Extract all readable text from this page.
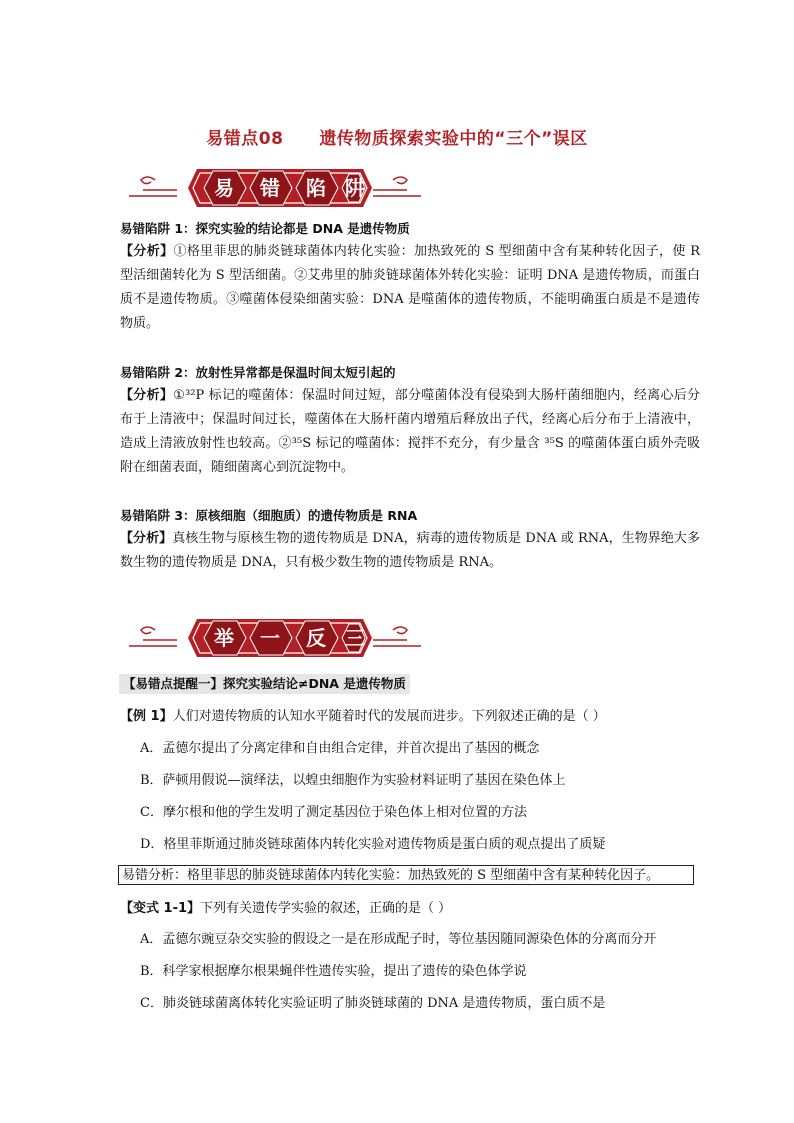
易错点08 遗传物质探索实验中的“三个”误区
易	错	陷 阱
易错陷阱 1：探究实验的结论都是 DNA 是遗传物质

【分析】①格里菲思的肺炎链球菌体内转化实验：加热致死的 S 型细菌中含有某种转化因子，使 R 型活细菌转化为 S 型活细菌。②艾弗里的肺炎链球菌体外转化实验：证明 DNA 是遗传物质，而蛋白质不是遗传物质。③噬菌体侵染细菌实验：DNA 是噬菌体的遗传物质，不能明确蛋白质是不是遗传物质。

易错陷阱 2：放射性异常都是保温时间太短引起的

【分析】①³²P 标记的噬菌体：保温时间过短，部分噬菌体没有侵染到大肠杆菌细胞内，经离心后分布于上清液中；保温时间过长，噬菌体在大肠杆菌内增殖后释放出子代，经离心后分布于上清液中，造成上清液放射性也较高。②³⁵S 标记的噬菌体：搅拌不充分，有少量含 ³⁵S 的噬菌体蛋白质外壳吸附在细菌表面，随细菌离心到沉淀物中。

易错陷阱 3：原核细胞（细胞质）的遗传物质是 RNA

【分析】真核生物与原核生物的遗传物质是 DNA，病毒的遗传物质是 DNA 或 RNA，生物界绝大多数生物的遗传物质是 DNA，只有极少数生物的遗传物质是 RNA。

举	一	反 三
【易错点提醒一】探究实验结论≠DNA 是遗传物质
【例 1】人们对遗传物质的认知水平随着时代的发展而进步。下列叙述正确的是（ ）
A．孟德尔提出了分离定律和自由组合定律，并首次提出了基因的概念
B．萨顿用假说—演绎法，以蝗虫细胞作为实验材料证明了基因在染色体上
C．摩尔根和他的学生发明了测定基因位于染色体上相对位置的方法
D．格里菲斯通过肺炎链球菌体内转化实验对遗传物质是蛋白质的观点提出了质疑
易错分析：格里菲思的肺炎链球菌体内转化实验：加热致死的 S 型细菌中含有某种转化因子。
【变式 1-1】下列有关遗传学实验的叙述，正确的是（ ）
A．孟德尔豌豆杂交实验的假设之一是在形成配子时，等位基因随同源染色体的分离而分开
B．科学家根据摩尔根果蝇伴性遗传实验，提出了遗传的染色体学说
C．肺炎链球菌离体转化实验证明了肺炎链球菌的 DNA 是遗传物质，蛋白质不是
